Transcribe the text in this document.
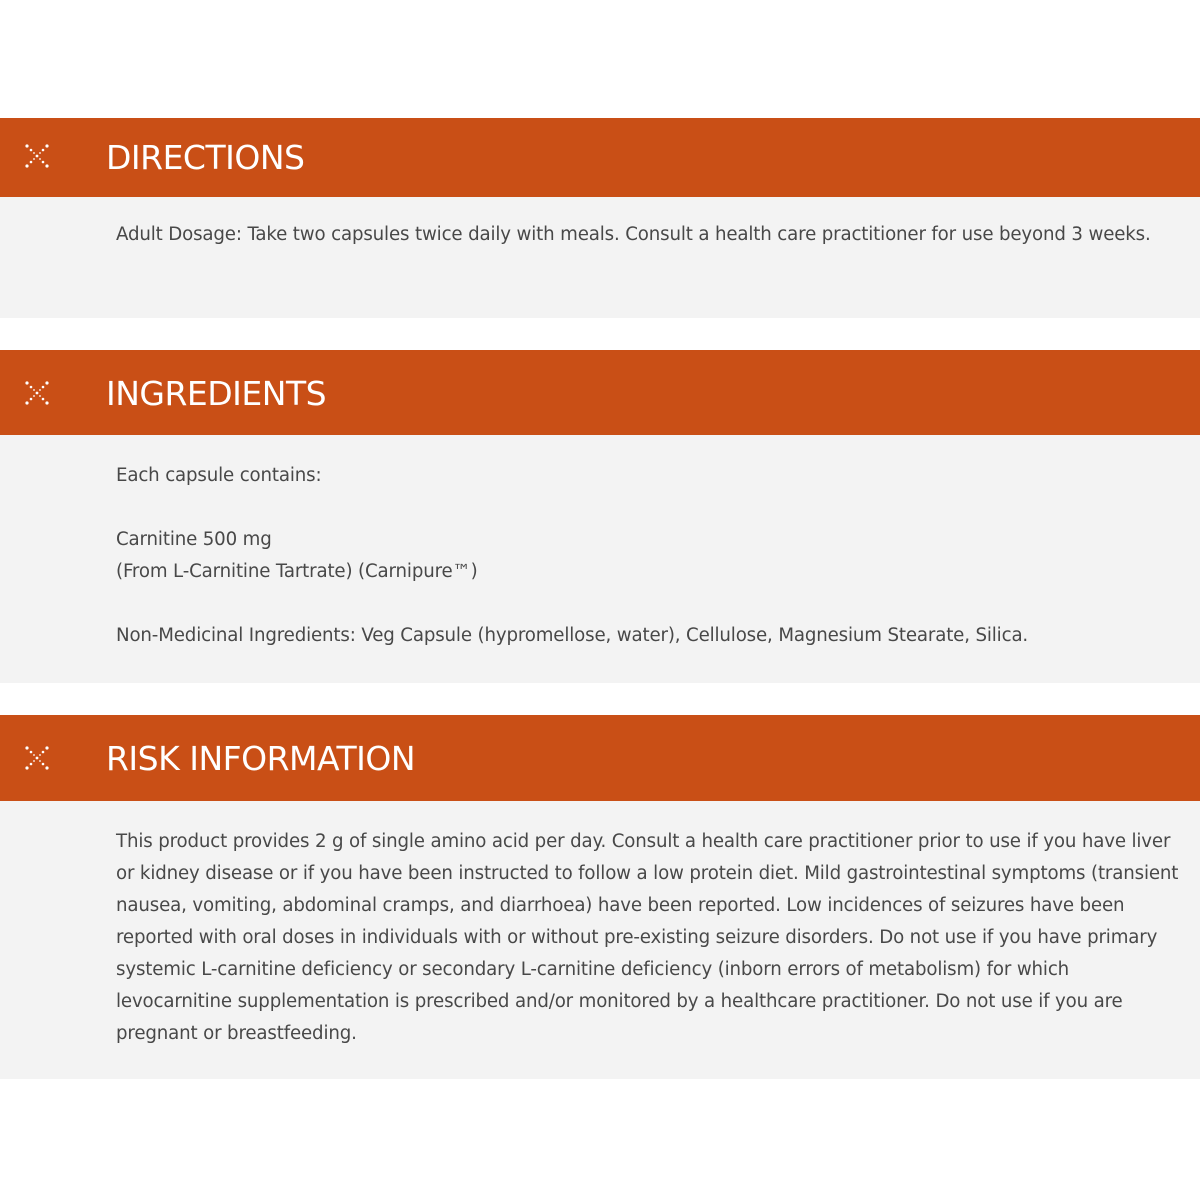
DIRECTIONS

Adult Dosage: Take two capsules twice daily with meals. Consult a health care practitioner for use beyond 3 weeks.

INGREDIENTS

Each capsule contains:

Carnitine 500 mg

(From L-Carnitine Tartrate) (Carnipure™)

Non-Medicinal Ingredients: Veg Capsule (hypromellose, water), Cellulose, Magnesium Stearate, Silica.

RISK INFORMATION

This product provides 2 g of single amino acid per day. Consult a health care practitioner prior to use if you have liver or kidney disease or if you have been instructed to follow a low protein diet. Mild gastrointestinal symptoms (transient nausea, vomiting, abdominal cramps, and diarrhoea) have been reported. Low incidences of seizures have been reported with oral doses in individuals with or without pre-existing seizure disorders. Do not use if you have primary systemic L-carnitine deficiency or secondary L-carnitine deficiency (inborn errors of metabolism) for which levocarnitine supplementation is prescribed and/or monitored by a healthcare practitioner. Do not use if you are pregnant or breastfeeding.
